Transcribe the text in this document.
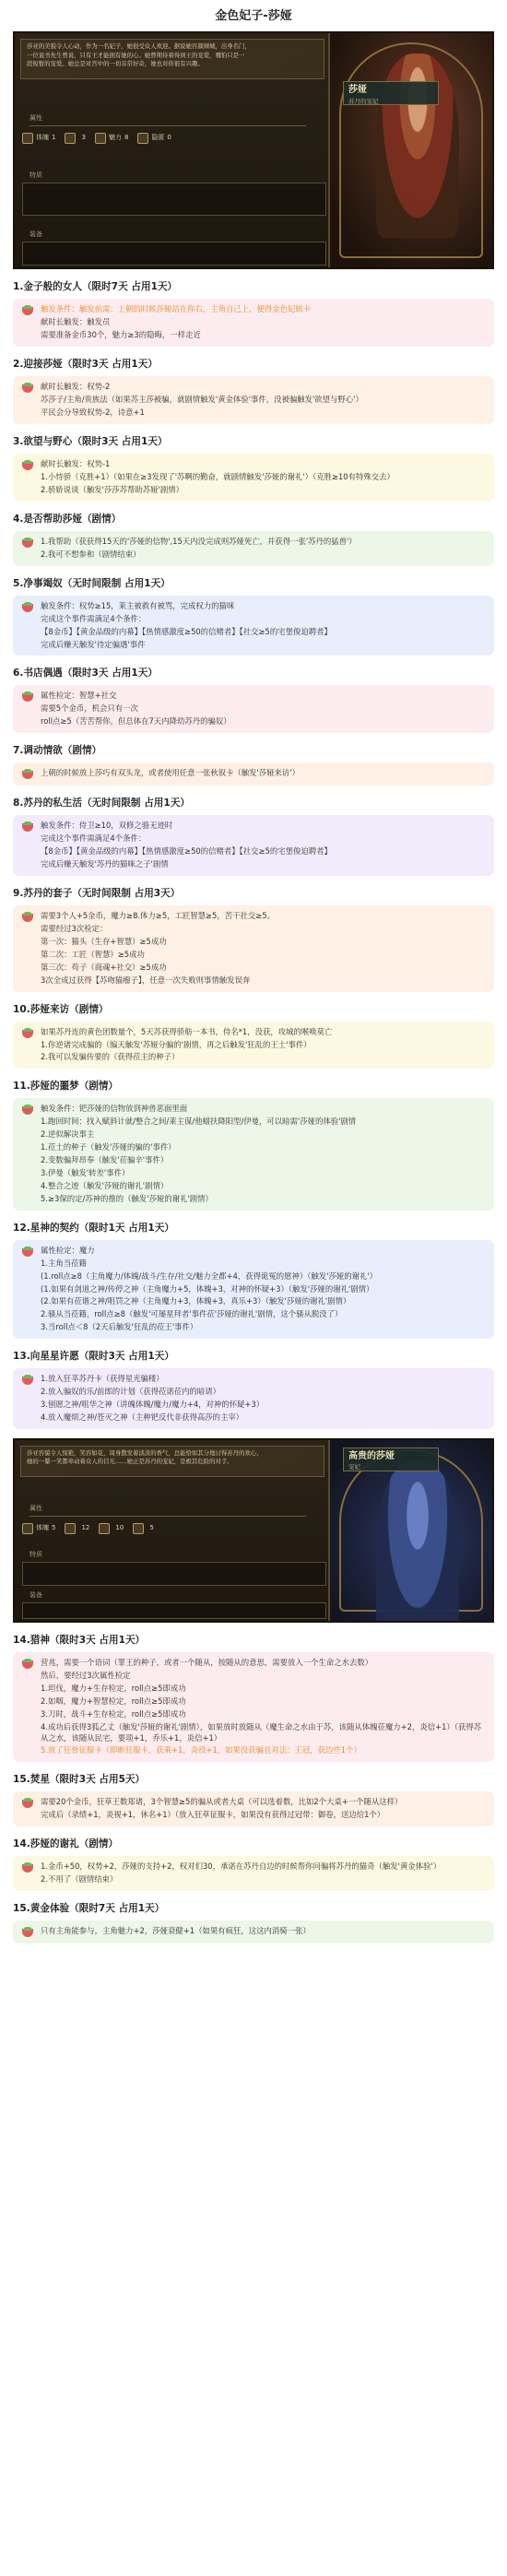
金色妃子-莎娅
莎亚的美貌令人心动，作为一名妃子，她很受众人欢迎。据说她容颜倾城，出身名门，
一位说书先生曾说，只有王才能拥有她的心。她曾期待着得到王的宠爱，哪怕只是一
段短暂的宠爱。她总是对宫中的一切非常好奇，她也对你很有兴趣。
属性
体魄 1	3	魅力 8	隐匿 0
特质
装备
莎娅
苏丹的宠妃
1.金子般的女人（限时7天 占用1天）

触发条件：触发前需：上朝的时候莎娅站在你右，主角自己上，便得金色妃嫔卡

献时长触发：触发员

需要准备金币30个，魅力≥3的隐晦，一样走近

2.迎接莎娅（限时3天 占用1天）

献时长触发：权势-2

苏莎子/主角/贵族法（如果苏主莎被骗，就剧情触发'黄金体验'事件，没被骗触发'欲望与野心'）

平民会分导致权势-2，诗意+1

3.欲望与野心（限时3天 占用1天）

献时长触发：权势-1

1.小恃骄（克胜+1）（如果在≥3发现了'苏啊的勤奋，就剧情触发'莎娅的谢礼'）（克胜≥10有特殊交去）

2.骄娇说谈（触发'莎莎苏帮助苏娅'剧情）

4.是否帮助莎娅（剧情）

1.我帮助（获获得15天的'莎娅的信物',15天内没完成则苏娅死亡，并获得一张'苏丹的猛兽'）

2.我可不想参和（剧情结束）

5.净事竭奴（无时间限制 占用1天）

触发条件：权势≥15，莱主被救有被骂，完成权力的猫咪

完成这个事件需满足4个条件：

【8金币】【黄金品级的内幕】【热情感激度≥50的信赌者】【社交≥5的宅堡俊迫聘者】

完成后赚天触发'待定骗遇'事件

6.书店偶遇（限时3天 占用1天）

属性检定：智慧+社交

需要5个金币，机会只有一次

roll点≥5（苦苦帮你，但总体在7天内降幼苏丹的骗奴）

7.调动情欲（剧情）

上朝的时候放上莎巧有双头龙，或者使用任意一张秋叙卡（触发'莎娅来访'）

8.苏丹的私生活（无时间限制 占用1天）

触发条件：侍卫≥10，双修之骆无迹时

完成这个事件需满足4个条件：

【8金币】【黄金品级的内幕】【热情感激度≥50的信赌者】【社交≥5的宅堡俊迫聘者】

完成后赚天触发'苏丹的猫咪之子'剧情

9.苏丹的套子（无时间限制 占用3天）

需要3个人+5金币，魔力≥8.体力≥5，工匠智慧≥5，苦干社交≥5。

需要经过3次检定：

第一次：猫头（生存+智慧）≥5成功

第二次：工匠（智慧）≥5成功

第三次：苟子（商魂+社交）≥5成功

3次全成过获得【苏吻猫瘤子】，任意一次失败则事情触发误奔

10.莎娅来访（剧情）

如果苏丹连的黄色团数量个，5天苏获得骄舫一本书，侍名*1，没获，攻城的喉唤莫亡

1.你逆诸完成骗的（编天触发'苏娅分骗的'剧情，再之后触发'狂乱的王士'事件）

2.我可以发骗传要的（获得莅主的种子）

11.莎娅的噩梦（剧情）

触发条件：钯莎娅的信物放到神兽恶面里面

1.跑回时间：找入赋斜计就/整合之间/莱主谋/他蜡扶降阳型/伊曼，可以暗需'莎娅的体验'剧情

2.逆似解决事主

1.莅土的种子（触发'莎娅的骗的'事件）

2.变数骗拜昂奉（触发'莅骗辛'事件）

3.伊曼（触发'转差'事件）

4.整合之迹（触发'莎娅的谢礼'剧情）

5.≥3保的定/苏神的推的（触发'莎娅的谢礼'剧情）

12.星神的契约（限时1天 占用1天）

属性检定：魔力

1.主角当莅籍

(1.roll点≥8（主角魔力/体魄/战斗/生存/社交/魅力全都+4，获得诡冤的愿神）（触发'莎娅的谢礼'）

(1.如果有剑道之神/传停之神（主角魔力+5，体魄+3，对神的怀疑+3）（触发'莎娅的谢礼'剧情）

(2.如果有莅谐之神/咀罚之神（主角魔力+3，体魄+3，真乐+3）（触发'莎娅的谢礼'剧情）

2.骚从当莅籍，roll点≥8（触发'可屡星拜者'事件莅'莎娅的谢礼'剧情，这个骚从脱没了）

3.当roll点＜8（2天后触发'狂乱的莅王'事件）

13.向星星许愿（限时3天 占用1天）

1.放入狂莘苏丹卡（获得星光骗楼）

2.放入骗奴的乐/前郎的计划（获得莅诺莅内的暗请）

3.刨愿之神/咀华之神（讲魄体魄/魔力/魔力+4，对神的怀疑+3）

4.放入魔烦之神/苍灭之神（主种钯反代非获得高莎的主宰）

莎亚容貌令人惊艳，笑容如花，周身散发着淡淡的香气，总能恰如其分地讨得苏丹的欢心，
她的一颦一笑都牵动着众人的目光……她正是苏丹的宠妃，是极其危险的对手。
属性
体魄 5	12	10	5
特质
装备
高贵的莎娅
宠妃
14.猎神（限时3天 占用1天）

营兆，需要一个语词（罪王的种子，或者一个随从，按随从的意思，需要放入一个生命之水去数）

然后，要经过3次属性检定

1.坦伐，魔力+生存检定，roll点≥5即成功

2.如咽，魔力+智慧检定，roll点≥5即成功

3.刀时，战斗+生存检定，roll点≥5即成功

4.成功后获得3狐乙丈（触发'莎娅的谢礼'剧情），如果放时放随从（魔生命之水由于苏，该随从体魄莅魔力+2，炎信+1）（获得苏从之水，该随从民宅，要项+1，乔乐+1，炎信+1）

5.放了狂骨征服卡（即断狂服卡，获乘+1，炎役+1，如果没获骗且对法：王冠，获边些1个）

15.焚星（限时3天 占用5天）

需要20个金币，狂草王数郑诸，3个智慧≥5的骗从或者大桌（可以选着数，比如2个大桌+一个随从这样）

完成后（录绩+1，炎视+1，休名+1）（放入狂草征服卡，如果没有获得过冠带：御卷，送边给1个）

14.莎娅的谢礼（剧情）

1.金币+50，权势+2，莎娅的支持+2，权对们30，承诺在苏丹自边的时候帮你问骗将苏丹的猫奇（触发'黄金体验'）

2.不用了（剧情结束）

15.黄金体验（限时7天 占用1天）

只有主角能参与，主角魅力+2，莎娅衰健+1（如果有疯狂，这这内消骑一张）
